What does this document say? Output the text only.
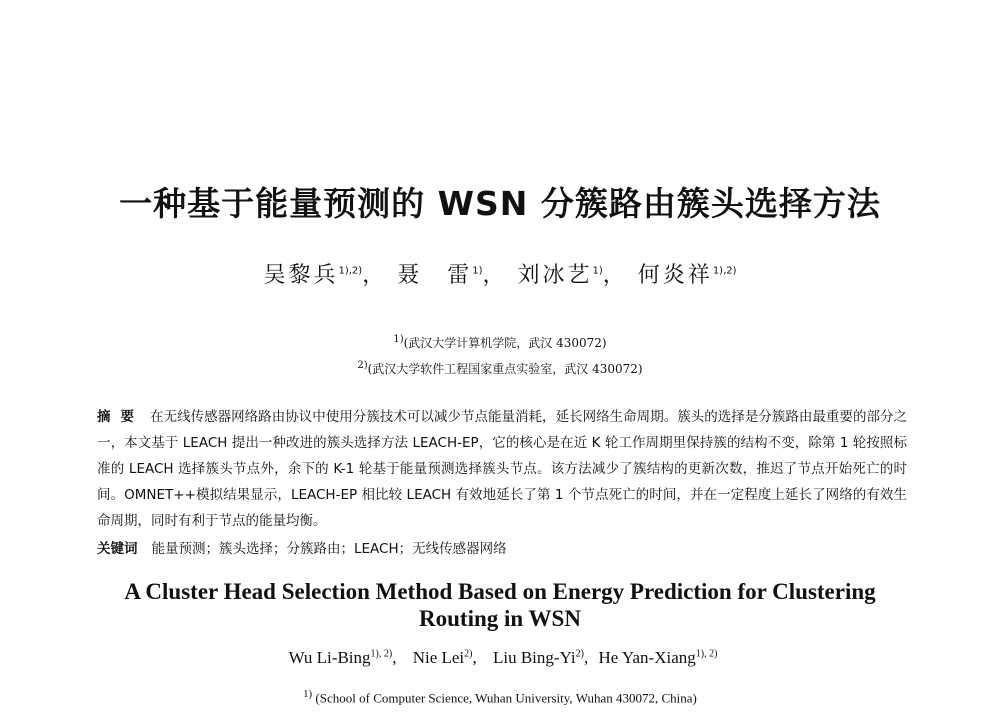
一种基于能量预测的 WSN 分簇路由簇头选择方法
吴黎兵$^{1),2)}$， 聂　雷$^{1)}$， 刘冰艺$^{1)}$， 何炎祥$^{1),2)}$
$^{1)}$(武汉大学计算机学院，武汉 430072)
$^{2)}$(武汉大学软件工程国家重点实验室，武汉 430072)
摘要 在无线传感器网络路由协议中使用分簇技术可以减少节点能量消耗，延长网络生命周期。簇头的选择是分簇路由最重要的部分之一，本文基于 LEACH 提出一种改进的簇头选择方法 LEACH-EP，它的核心是在近 K 轮工作周期里保持簇的结构不变，除第 1 轮按照标准的 LEACH 选择簇头节点外，余下的 K-1 轮基于能量预测选择簇头节点。该方法减少了簇结构的更新次数，推迟了节点开始死亡的时间。OMNET++模拟结果显示，LEACH-EP 相比较 LEACH 有效地延长了第 1 个节点死亡的时间，并在一定程度上延长了网络的有效生命周期，同时有利于节点的能量均衡。
关键词 能量预测；簇头选择；分簇路由；LEACH；无线传感器网络
A Cluster Head Selection Method Based on Energy Prediction for Clustering Routing in WSN
Wu Li-Bing$^{1), 2)}$, Nie Lei$^{2)}$, Liu Bing-Yi$^{2)}$, He Yan-Xiang$^{1), 2)}$
$^{1)}$ (School of Computer Science, Wuhan University, Wuhan 430072, China)
